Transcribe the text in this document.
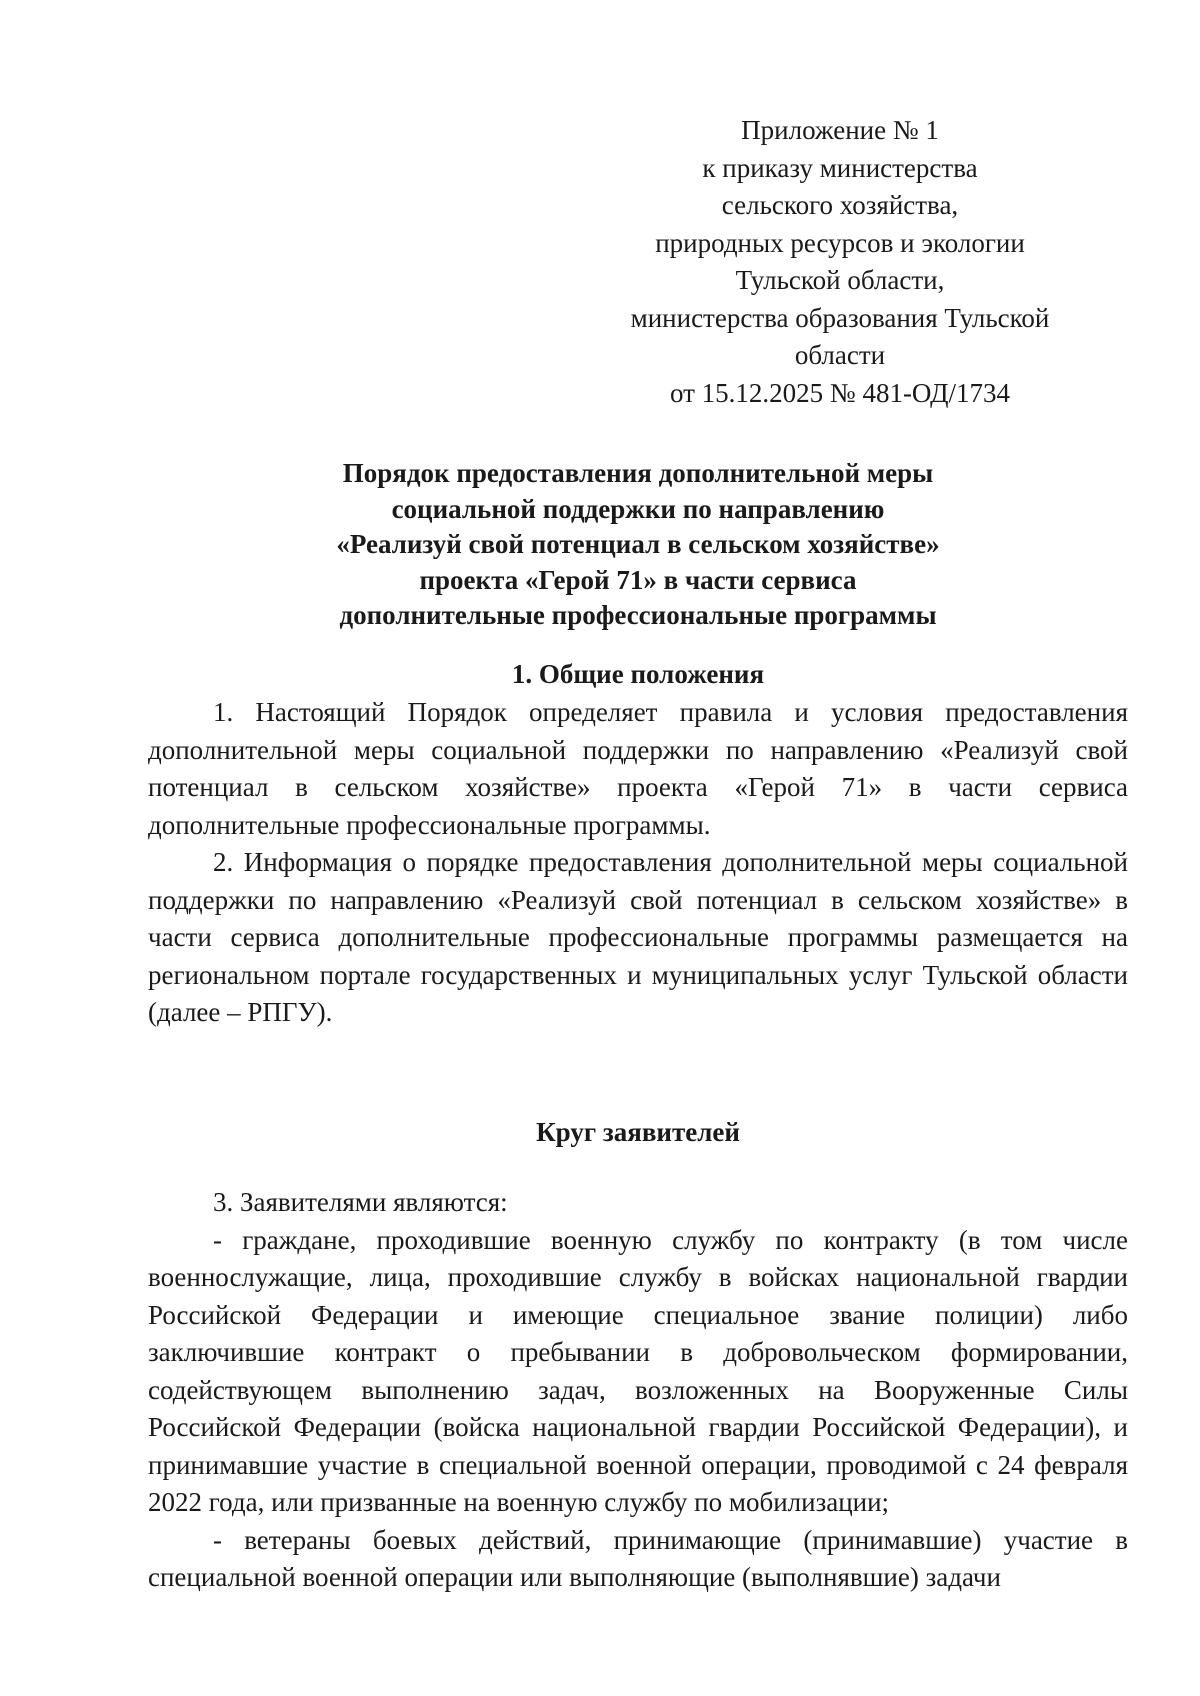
Приложение № 1
к приказу министерства
сельского хозяйства,
природных ресурсов и экологии
Тульской области,
министерства образования Тульской
области
от 15.12.2025 № 481-ОД/1734
Порядок предоставления дополнительной меры
социальной поддержки по направлению
«Реализуй свой потенциал в сельском хозяйстве»
проекта «Герой 71» в части сервиса
дополнительные профессиональные программы
1. Общие положения

1. Настоящий Порядок определяет правила и условия предоставления дополнительной меры социальной поддержки по направлению «Реализуй свой потенциал в сельском хозяйстве» проекта «Герой 71» в части сервиса дополнительные профессиональные программы.

2. Информация о порядке предоставления дополнительной меры социальной поддержки по направлению «Реализуй свой потенциал в сельском хозяйстве» в части сервиса дополнительные профессиональные программы размещается на региональном портале государственных и муниципальных услуг Тульской области (далее – РПГУ).

Круг заявителей

3. Заявителями являются:

- граждане, проходившие военную службу по контракту (в том числе военнослужащие, лица, проходившие службу в войсках национальной гвардии Российской Федерации и имеющие специальное звание полиции) либо заключившие контракт о пребывании в добровольческом формировании, содействующем выполнению задач, возложенных на Вооруженные Силы Российской Федерации (войска национальной гвардии Российской Федерации), и принимавшие участие в специальной военной операции, проводимой с 24 февраля 2022 года, или призванные на военную службу по мобилизации;

- ветераны боевых действий, принимающие (принимавшие) участие в специальной военной операции или выполняющие (выполнявшие) задачи
